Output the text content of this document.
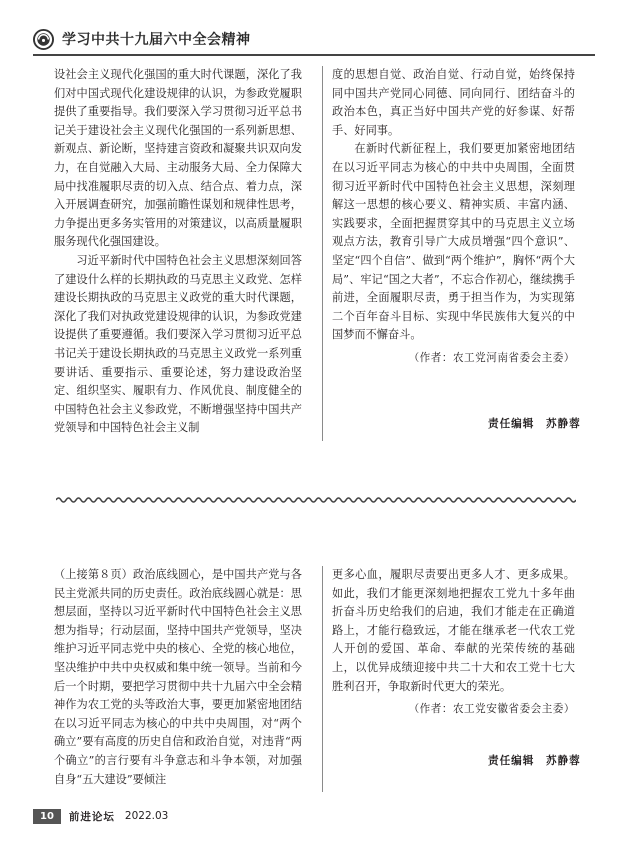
学习中共十九届六中全会精神

设社会主义现代化强国的重大时代课题，深化了我们对中国式现代化建设规律的认识，为参政党履职提供了重要指导。我们要深入学习贯彻习近平总书记关于建设社会主义现代化强国的一系列新思想、新观点、新论断，坚持建言资政和凝聚共识双向发力，在自觉融入大局、主动服务大局、全力保障大局中找准履职尽责的切入点、结合点、着力点，深入开展调查研究，加强前瞻性谋划和规律性思考，力争提出更多务实管用的对策建议，以高质量履职服务现代化强国建设。

习近平新时代中国特色社会主义思想深刻回答了建设什么样的长期执政的马克思主义政党、怎样建设长期执政的马克思主义政党的重大时代课题，深化了我们对执政党建设规律的认识，为参政党建设提供了重要遵循。我们要深入学习贯彻习近平总书记关于建设长期执政的马克思主义政党一系列重要讲话、重要指示、重要论述，努力建设政治坚定、组织坚实、履职有力、作风优良、制度健全的中国特色社会主义参政党，不断增强坚持中国共产党领导和中国特色社会主义制

度的思想自觉、政治自觉、行动自觉，始终保持同中国共产党同心同德、同向同行、团结奋斗的政治本色，真正当好中国共产党的好参谋、好帮手、好同事。

在新时代新征程上，我们要更加紧密地团结在以习近平同志为核心的中共中央周围，全面贯彻习近平新时代中国特色社会主义思想，深刻理解这一思想的核心要义、精神实质、丰富内涵、实践要求，全面把握贯穿其中的马克思主义立场观点方法，教育引导广大成员增强“四个意识”、坚定“四个自信”、做到“两个维护”，胸怀“两个大局”、牢记“国之大者”，不忘合作初心，继续携手前进，全面履职尽责，勇于担当作为，为实现第二个百年奋斗目标、实现中华民族伟大复兴的中国梦而不懈奋斗。

（作者：农工党河南省委会主委）
责任编辑　苏静蓉

（上接第８页）政治底线圆心，是中国共产党与各民主党派共同的历史责任。政治底线圆心就是：思想层面，坚持以习近平新时代中国特色社会主义思想为指导；行动层面，坚持中国共产党领导，坚决维护习近平同志党中央的核心、全党的核心地位，坚决维护中共中央权威和集中统一领导。当前和今后一个时期，要把学习贯彻中共十九届六中全会精神作为农工党的头等政治大事，要更加紧密地团结在以习近平同志为核心的中共中央周围，对“两个确立”要有高度的历史自信和政治自觉，对违背“两个确立”的言行要有斗争意志和斗争本领，对加强自身“五大建设”要倾注

更多心血，履职尽责要出更多人才、更多成果。如此，我们才能更深刻地把握农工党九十多年曲折奋斗历史给我们的启迪，我们才能走在正确道路上，才能行稳致远，才能在继承老一代农工党人开创的爱国、革命、奉献的光荣传统的基础上，以优异成绩迎接中共二十大和农工党十七大胜利召开，争取新时代更大的荣光。

（作者：农工党安徽省委会主委）
责任编辑　苏静蓉
10	前进论坛 2022.03
